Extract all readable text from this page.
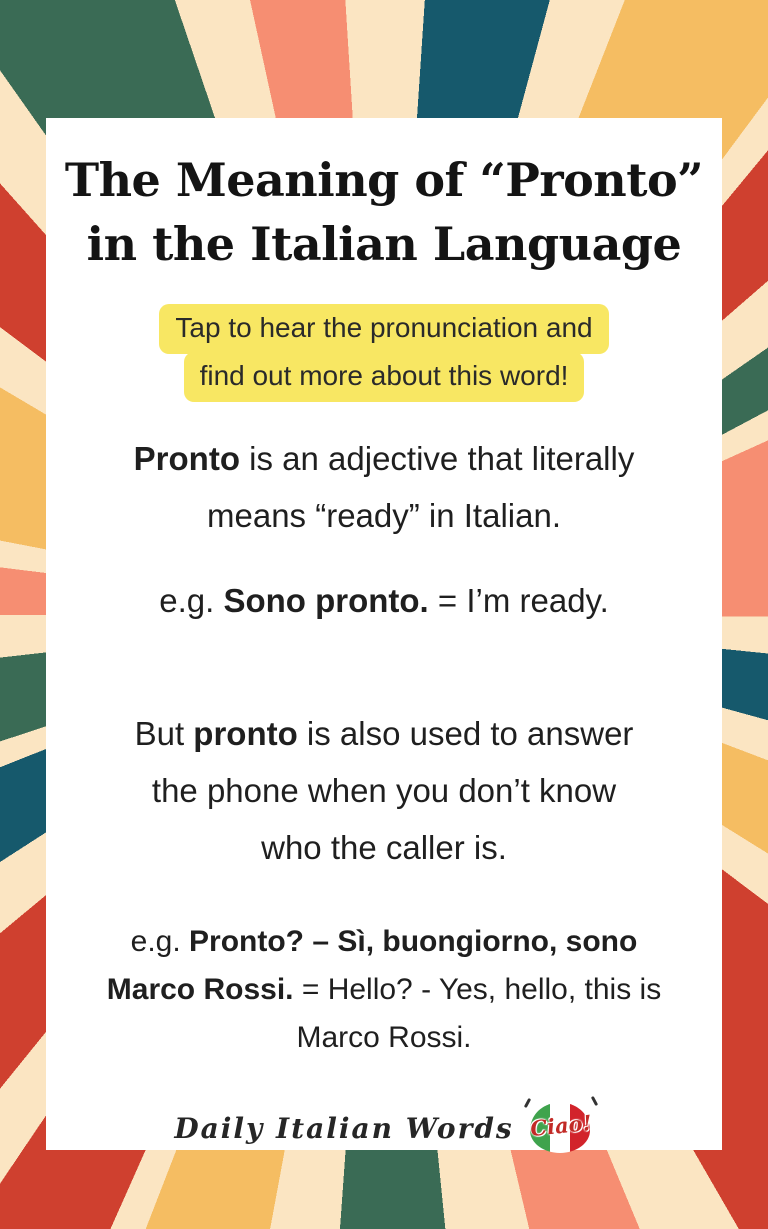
The Meaning of “Pronto”
in the Italian Language
Tap to hear the pronunciation and
find out more about this word!
Pronto is an adjective that literally
means “ready” in Italian.
e.g. Sono pronto. = I’m ready.
But pronto is also used to answer
the phone when you don’t know
who the caller is.
e.g. Pronto? – Sì, buongiorno, sono
Marco Rossi. = Hello? - Yes, hello, this is
Marco Rossi.
Daily Italian Words Ciao!
